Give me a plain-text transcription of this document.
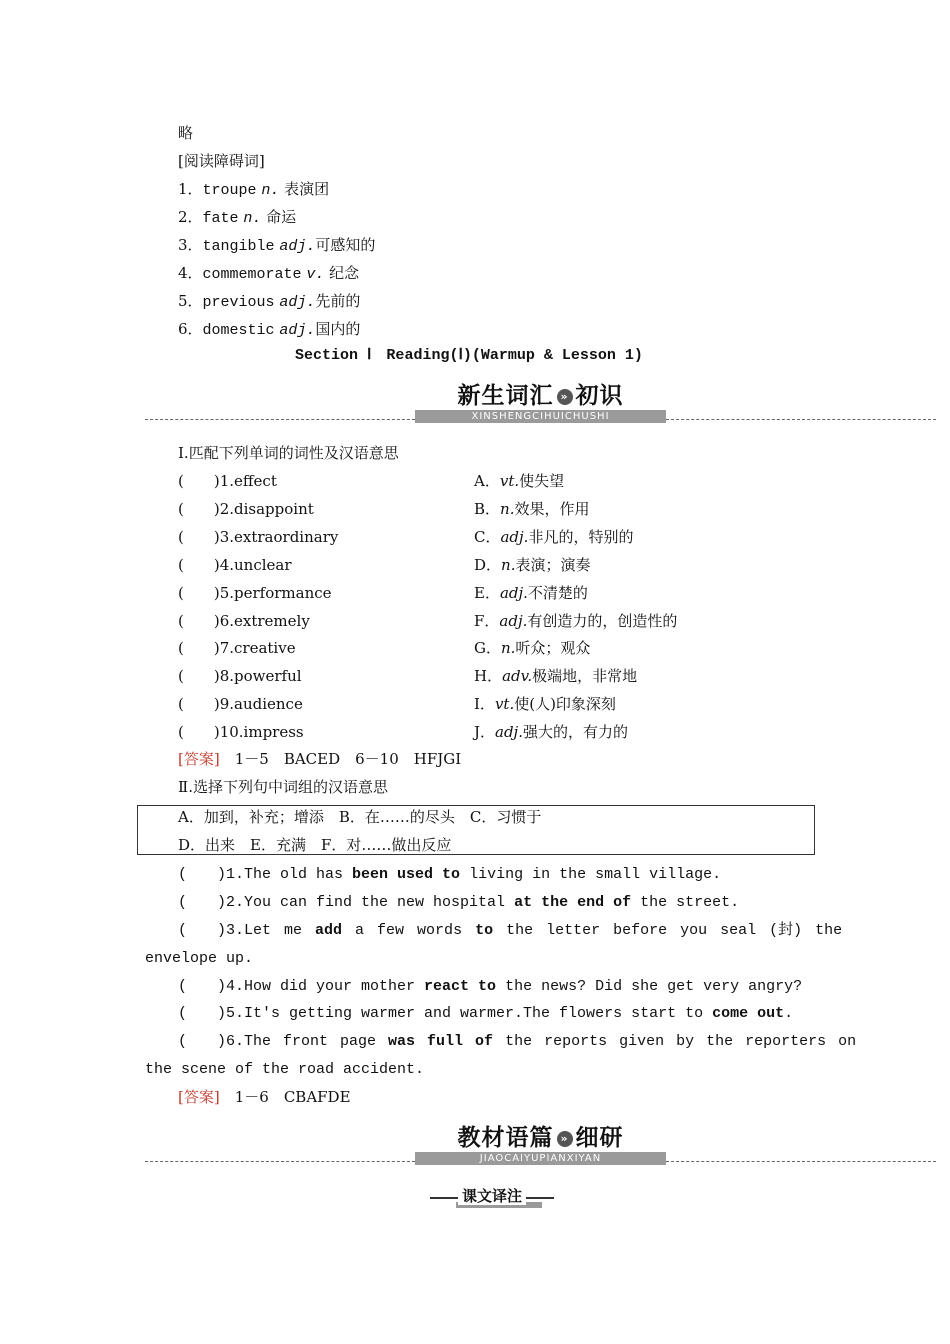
略
[阅读障碍词]
1．troupe n. 表演团
2．fate n. 命运
3．tangible adj.可感知的
4．commemorate v. 纪念
5．previous adj.先前的
6．domestic adj.国内的
Section Ⅰ　Reading(Ⅰ)(Warmup & Lesson 1)
新生词汇 » 初识
XINSHENGCIHUICHUSHI
Ⅰ.匹配下列单词的词性及汉语意思
(　　)1.effect
(　　)2.disappoint
(　　)3.extraordinary
(　　)4.unclear
(　　)5.performance
(　　)6.extremely
(　　)7.creative
(　　)8.powerful
(　　)9.audience
(　　)10.impress
A．vt.使失望
B．n.效果，作用
C．adj.非凡的，特别的
D．n.表演；演奏
E．adj.不清楚的
F．adj.有创造力的，创造性的
G．n.听众；观众
H．adv.极端地，非常地
I．vt.使(人)印象深刻
J．adj.强大的，有力的
[答案]　 1－5　BACED　6－10　HFJGI
Ⅱ.选择下列句中词组的汉语意思
A．加到，补充；增添　B．在……的尽头　C．习惯于
D．出来　E．充满　F．对……做出反应
(　　)1.The old has been used to living in the small village.
(　　)2.You can find the new hospital at the end of the street.
(　　)3.Let me add a few words to the letter before you seal (封) the
envelope up.
(　　)4.How did your mother react to the news? Did she get very angry?
(　　)5.It's getting warmer and warmer.The flowers start to come out.
(　　)6.The front page was full of the reports given by the reporters on
the scene of the road accident.
[答案]　 1－6　CBAFDE
教材语篇 » 细研
JIAOCAIYUPIANXIYAN
课文译注
